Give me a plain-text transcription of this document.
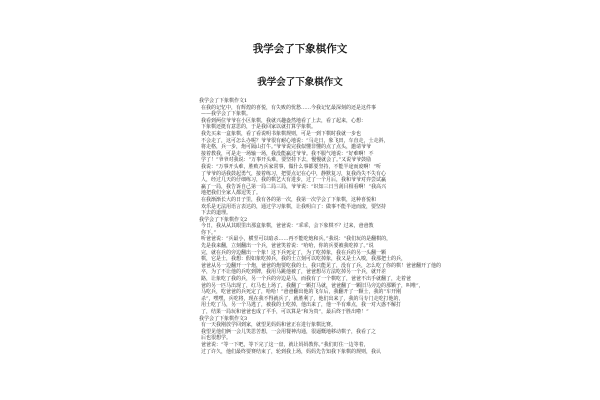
我学会了下象棋作文
我学会了下象棋作文

我学会了下象棋作文1

在我的记忆中，有辉煌的喜悦，有失败的忧愁……今我记忆最深刻的还是这件事

——我学会了下象棋。

我看到两位爷爷在小区象棋，我就兴趣盎然地看了上去，看了起来，心想：

下象棋还挺有意思的，于是我回家以就打算学象棋。

我先买来一盒象棋，看了看说明书象棋规则，可是一到下棋时我就一步也

不会走了，这可怎么办呢？爷爷很有耐心地说：“马走日，象飞田，车直走，士走斜，

将走格，兵一步，炮可隔山打牛。”爷爷说完我似懂非懂的点了点头，邀请爷爷

接着教我，可是走一场输一场，我没能赢过爷爷。我不服气地说：“好难啊！不

学了！”爷爷对我说：“万事开头难，要坚持下去，慢慢就会了。”又说爷爷鼓励

我说：“万事开头难，胜败乃兵家常事，做什么事都要坚持，不能半途而废啊！”听

了爷爷的话我鼓起勇气，接着练习，把要点记在心中，静默复习，复我尚失不失有心

人，经过几天的仔细练习，我的棋艺大有进步，过了一个月后，我和爷爷对弈尝试赢

赢了一局，我告诉自己第一局二局三局，爷爷说：“识知三日当刮目相看啊！”我高兴

地把我们全家人都逗笑了。

在我渐渐长大的日子里，我有各的第一次，我第一次学会了下象棋，这种喜悦和

欢乐是无法用语言表达的，通过学习象棋，让我明白了：做事不能半途而废，要坚持

下去的道理。

我学会了下象棋作文2

今日，我从从其眼里出那盒象棋，爸爸说：“乖乖，会下象棋不？过来，爸爸教

你下。”

听爸爸说：“兵最小，横竖可以暗杀……再不能吃炮和兵。”我说：“我们玩的是翻棋的，

先是我来翻，立刻翻出一个兵，爸爸笑着说：“哈哈，你的兵要被我吃掉了。”说

完，就在兵的旁边翻出一个象！这下兵死定了，为了吃掉象，我在兵的另一头翻一颗

棋，它是士，我想：假如象吃掉兵，我的士立刻可以吃掉象，我又是士入嗅，我那把士的兵，

爸爸从另一边翻开一个炮，爸爸的炮要吃我的士，我只能见了，没有了兵，怎么吃了你的棋！爸爸翻开了他的

卒，为了不让他的兵吃到牌，我用马跳他被了，爸爸想尽方法吃掉另一个兵，就开差

路，让象吃了我的兵，另一个兵的旁边是马，而我有了一个棋吃了，爸爸不出手就翻了，走着爸

爸的另一匹马出现了，红马也上场了，我翻了一颗打马就，爸爸翻了一颗旧马旁边的那颗子，叫唯“，

马吃兵，吃爸爸的兵死定了，哈哈！”爸爸翻出他的飞车后，我翻开了一颗士，我的“车开刚

杀”，嘿嘿，兵吃将，现在我不得就兵了，就胜利了，他们出来了，我的马专门走吃打他的，

用士吃了马，另一个马逃了，被我的士吃掉，他出来了，他一半有难点，我一对大惑不解打

了，结果一局玩和爸爸也成了平手，可以算是“和为贵”，最后终于胜出啦！”

我学会了下象棋作文3

有一天我刚放学回到家，就望见妈妈和爸正在进行象棋比赛。

我望见他们俩一会儿笑思苦想，一会用餐神沟通，很逼慨地移动棋子，我看了之

后也很想学。

爸爸说：“等一下吧，等下完了这一盘，就让妈妈教你。”我们盯住一边等着，

过了许久，他们最终要赛结束了，轮到我上场，妈妈先告知我下象棋的规则，我认
